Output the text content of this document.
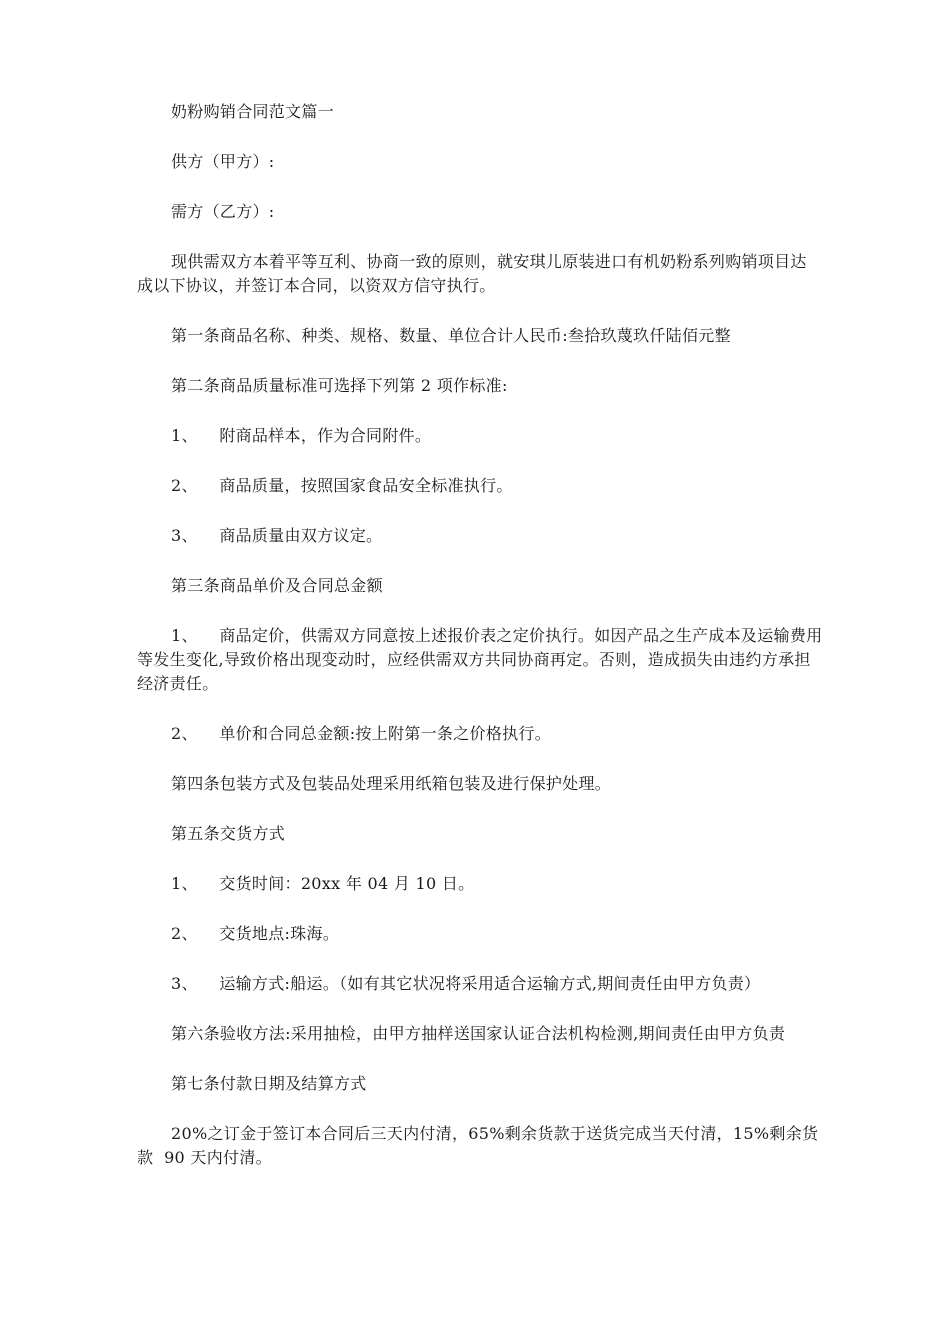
奶粉购销合同范文篇一

供方（甲方）:

需方（乙方）:

现供需双方本着平等互利、协商一致的原则，就安琪儿原装进口有机奶粉系列购销项目达  成以下协议，并签订本合同，以资双方信守执行。

第一条商品名称、种类、规格、数量、单位合计人民币:叁拾玖蔑玖仟陆佰元整

第二条商品质量标准可选择下列第 2 项作标准:

1、    附商品样本，作为合同附件。

2、    商品质量，按照国家食品安全标准执行。

3、    商品质量由双方议定。

第三条商品单价及合同总金额

1、    商品定价，供需双方同意按上述报价表之定价执行。如因产品之生产成本及运输费用  等发生变化,导致价格出现变动时，应经供需双方共同协商再定。否则，造成损失由违约方承担  经济责任。

2、    单价和合同总金额:按上附第一条之价格执行。

第四条包装方式及包装品处理采用纸箱包装及进行保护处理。

第五条交货方式

1、    交货时间：20xx 年 04 月 10 日。

2、    交货地点:珠海。

3、    运输方式:船运。（如有其它状况将采用适合运输方式,期间责任由甲方负责）

第六条验收方法:采用抽检，由甲方抽样送国家认证合法机构检测,期间责任由甲方负责

第七条付款日期及结算方式

20%之订金于签订本合同后三天内付清，65%剩余货款于送货完成当天付清，15%剩余货款  90 天内付清。
